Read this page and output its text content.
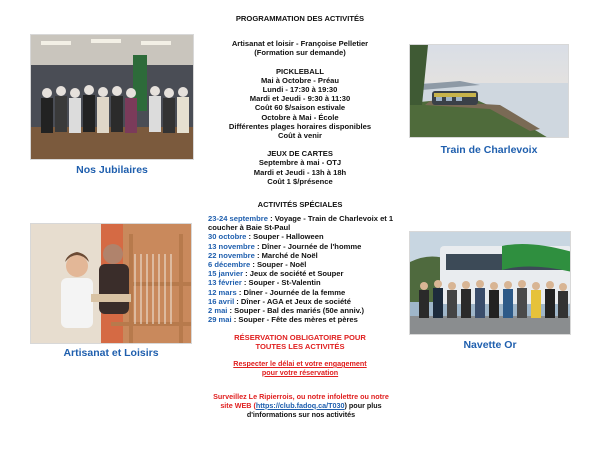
Nos Jubilaires
Train de Charlevoix
Artisanat et Loisirs
Navette Or
PROGRAMMATION DES ACTIVITÉS
Artisanat et loisir - Françoise Pelletier
(Formation sur demande)
PICKLEBALL
Mai à Octobre - Préau
Lundi - 17:30 à 19:30
Mardi et Jeudi - 9:30 à 11:30
Coût 60 $/saison estivale
Octobre à Mai - École
Différentes plages horaires disponibles
Coût à venir
JEUX DE CARTES
Septembre à mai - OTJ
Mardi et Jeudi - 13h à 18h
Coût 1 $/présence
ACTIVITÉS SPÉCIALES
23-24 septembre : Voyage - Train de Charlevoix et 1 coucher à Baie St-Paul
30 octobre : Souper - Halloween
13 novembre : Dîner - Journée de l'homme
22 novembre : Marché de Noël
6 décembre : Souper - Noël
15 janvier : Jeux de société et Souper
13 février : Souper - St-Valentin
12 mars : Dîner - Journée de la femme
16 avril : Dîner - AGA et Jeux de société
2 mai : Souper - Bal des mariés (50e anniv.)
29 mai : Souper - Fête des mères et pères
RÉSERVATION OBLIGATOIRE POUR
TOUTES LES ACTIVITÉS
Respecter le délai et votre engagement
pour votre réservation
Surveillez Le Ripierrois, ou notre infolettre ou notre site WEB (https://club.fadoq.ca/T030) pour plus d'informations sur nos activités
